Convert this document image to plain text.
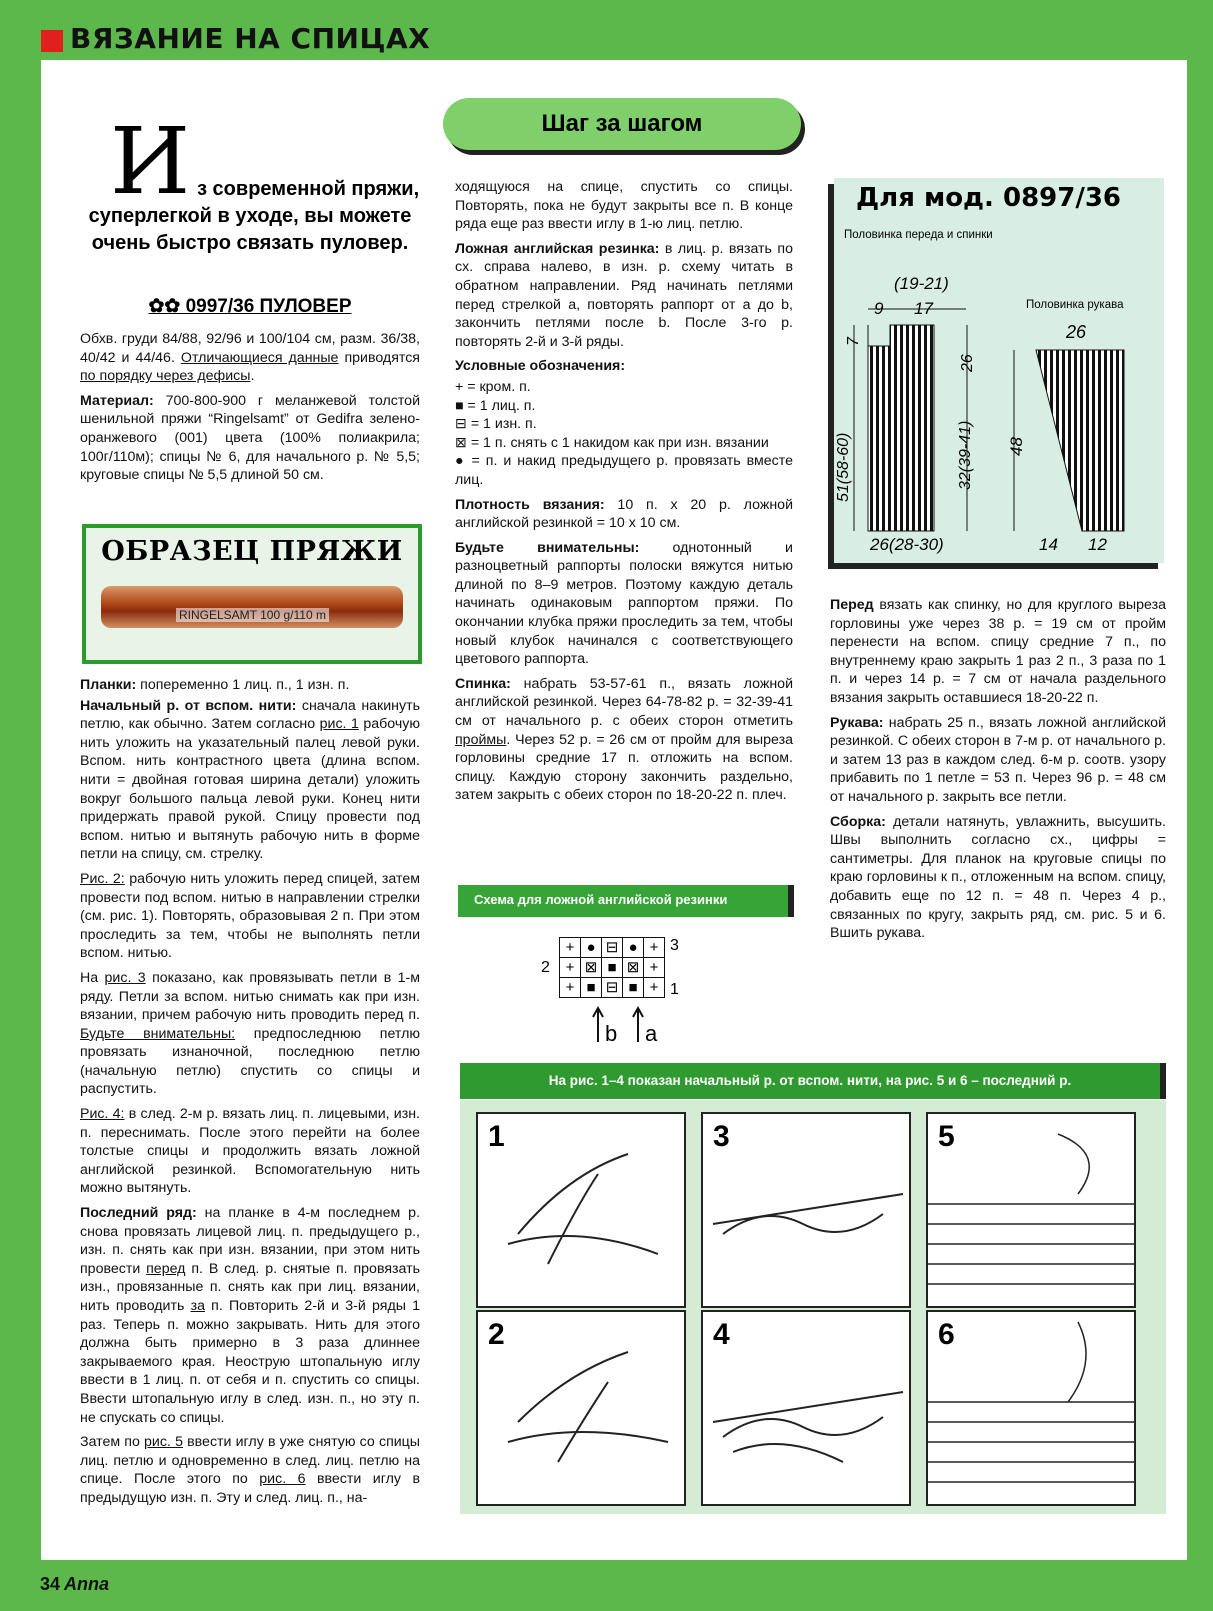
ВЯЗАНИЕ НА СПИЦАХ
И з современной пряжи, суперлегкой в уходе, вы можете очень быстро связать пуловер.
✿✿ 0997/36 ПУЛОВЕР

Обхв. груди 84/88, 92/96 и 100/104 см, разм. 36/38, 40/42 и 44/46. Отличающиеся данные приводятся по порядку через дефисы.

Материал: 700-800-900 г меланжевой толстой шенильной пряжи “Ringelsamt” от Gedifra зелено-оранжевого (001) цвета (100% полиакрила; 100г/110м); спицы № 6, для начального р. № 5,5; круговые спицы № 5,5 длиной 50 см.

ОБРАЗЕЦ ПРЯЖИ
RINGELSAMT 100 g/110 m

Планки: попеременно 1 лиц. п., 1 изн. п.

Начальный р. от вспом. нити: сначала накинуть петлю, как обычно. Затем согласно рис. 1 рабочую нить уложить на указательный палец левой руки. Вспом. нить контрастного цвета (длина вспом. нити = двойная готовая ширина детали) уложить вокруг большого пальца левой руки. Конец нити придержать правой рукой. Спицу провести под вспом. нитью и вытянуть рабочую нить в форме петли на спицу, см. стрелку.

Рис. 2: рабочую нить уложить перед спицей, затем провести под вспом. нитью в направлении стрелки (см. рис. 1). Повторять, образовывая 2 п. При этом проследить за тем, чтобы не выполнять петли вспом. нитью.

На рис. 3 показано, как провязывать петли в 1-м ряду. Петли за вспом. нитью снимать как при изн. вязании, причем рабочую нить проводить перед п. Будьте внимательны: предпоследнюю петлю провязать изнаночной, последнюю петлю (начальную петлю) спустить со спицы и распустить.

Рис. 4: в след. 2-м р. вязать лиц. п. лицевыми, изн. п. переснимать. После этого перейти на более толстые спицы и продолжить вязать ложной английской резинкой. Вспомогательную нить можно вытянуть.

Последний ряд: на планке в 4-м последнем р. снова провязать лицевой лиц. п. предыдущего р., изн. п. снять как при изн. вязании, при этом нить провести перед п. В след. р. снятые п. провязать изн., провязанные п. снять как при лиц. вязании, нить проводить за п. Повторить 2-й и 3-й ряды 1 раз. Теперь п. можно закрывать. Нить для этого должна быть примерно в 3 раза длиннее закрываемого края. Неострую штопальную иглу ввести в 1 лиц. п. от себя и п. спустить со спицы. Ввести штопальную иглу в след. изн. п., но эту п. не спускать со спицы.

Затем по рис. 5 ввести иглу в уже снятую со спицы лиц. петлю и одновременно в след. лиц. петлю на спице. После этого по рис. 6 ввести иглу в предыдущую изн. п. Эту и след. лиц. п., на-

Шаг за шагом

ходящуюся на спице, спустить со спицы. Повторять, пока не будут закрыты все п. В конце ряда еще раз ввести иглу в 1-ю лиц. петлю.

Ложная английская резинка: в лиц. р. вязать по сх. справа налево, в изн. р. схему читать в обратном направлении. Ряд начинать петлями перед стрелкой а, повторять раппорт от а до b, закончить петлями после b. После 3-го р. повторять 2-й и 3-й ряды.

Условные обозначения:

+ = кром. п.
■ = 1 лиц. п.
⊟ = 1 изн. п.
⊠ = 1 п. снять с 1 накидом как при изн. вязании

● = п. и накид предыдущего р. провязать вместе лиц.

Плотность вязания: 10 п. х 20 р. ложной английской резинкой = 10 х 10 см.

Будьте внимательны: однотонный и разноцветный раппорты полоски вяжутся нитью длиной по 8–9 метров. Поэтому каждую деталь начинать одинаковым раппортом пряжи. По окончании клубка пряжи проследить за тем, чтобы новый клубок начинался с соответствующего цветового раппорта.

Спинка: набрать 53-57-61 п., вязать ложной английской резинкой. Через 64-78-82 р. = 32-39-41 см от начального р. с обеих сторон отметить проймы. Через 52 р. = 26 см от пройм для выреза горловины средние 17 п. отложить на вспом. спицу. Каждую сторону закончить раздельно, затем закрыть с обеих сторон по 18-20-22 п. плеч.

Схема для ложной английской резинки
+	●	⊟	●	+
+	⊠	■	⊠	+
+	■	⊟	■	+
3
2
1
b a
Для мод. 0897/36
Половинка переда и спинки
Половинка рукава
(19-21)
9 17
7
51(58-60)
26
32(39-41)
26(28-30)
26
48
14 12

Перед вязать как спинку, но для круглого выреза горловины уже через 38 р. = 19 см от пройм перенести на вспом. спицу средние 7 п., по внутреннему краю закрыть 1 раз 2 п., 3 раза по 1 п. и через 14 р. = 7 см от начала раздельного вязания закрыть оставшиеся 18-20-22 п.

Рукава: набрать 25 п., вязать ложной английской резинкой. С обеих сторон в 7-м р. от начального р. и затем 13 раз в каждом след. 6-м р. соотв. узору прибавить по 1 петле = 53 п. Через 96 р. = 48 см от начального р. закрыть все петли.

Сборка: детали натянуть, увлажнить, высушить. Швы выполнить согласно сх., цифры = сантиметры. Для планок на круговые спицы по краю горловины к п., отложенным на вспом. спицу, добавить еще по 12 п. = 48 п. Через 4 р., связанных по кругу, закрыть ряд, см. рис. 5 и 6. Вшить рукава.

На рис. 1–4 показан начальный р. от вспом. нити, на рис. 5 и 6 – последний р.
1	3	5
2	4	6
34 Anna
